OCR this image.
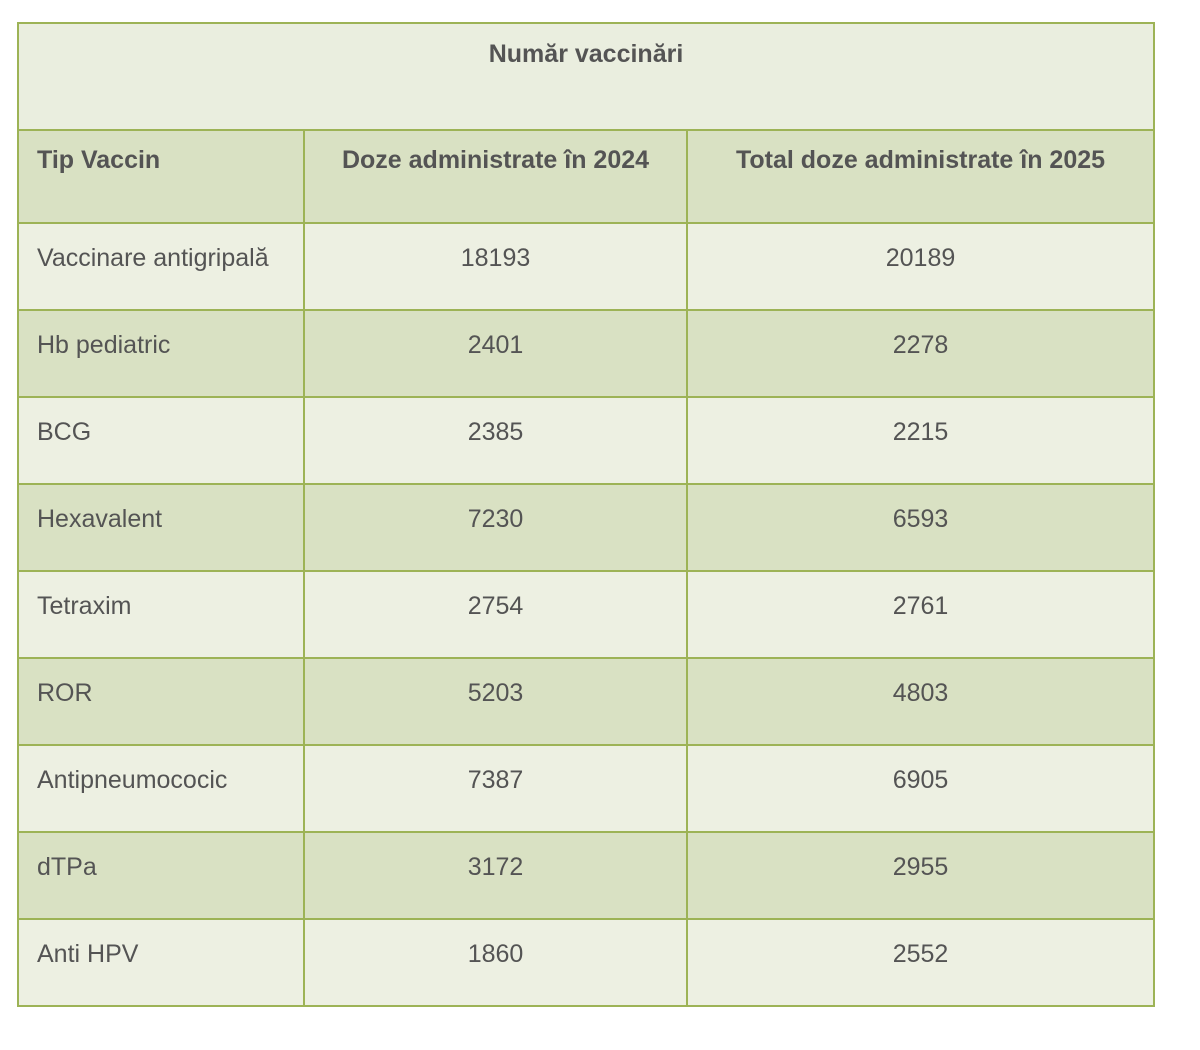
Număr vaccinări		
Tip Vaccin	Doze administrate în 2024	Total doze administrate în 2025
Vaccinare antigripală	18193	20189
Hb pediatric	2401	2278
BCG	2385	2215
Hexavalent	7230	6593
Tetraxim	2754	2761
ROR	5203	4803
Antipneumococic	7387	6905
dTPa	3172	2955
Anti HPV	1860	2552
